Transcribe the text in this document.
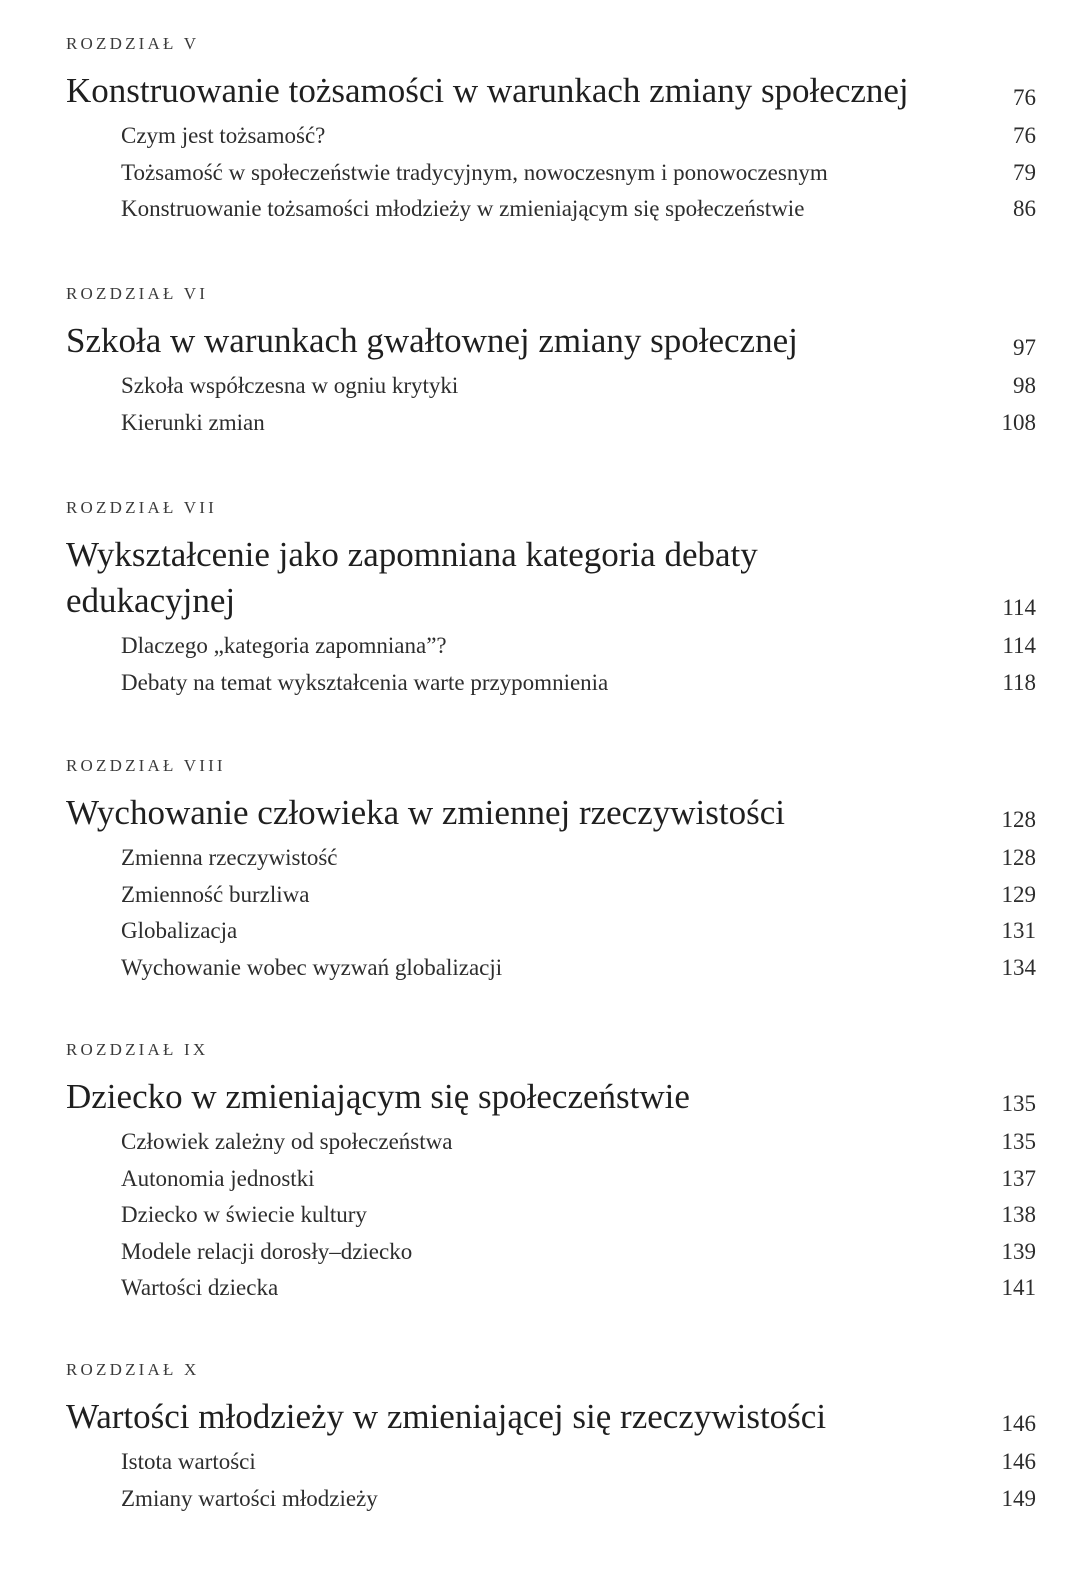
ROZDZIAŁ V
Konstruowanie tożsamości w warunkach zmiany społecznej	76
Czym jest tożsamość?	76
Tożsamość w społeczeństwie tradycyjnym, nowoczesnym i ponowoczesnym	79
Konstruowanie tożsamości młodzieży w zmieniającym się społeczeństwie	86
ROZDZIAŁ VI
Szkoła w warunkach gwałtownej zmiany społecznej	97
Szkoła współczesna w ogniu krytyki	98
Kierunki zmian	108
ROZDZIAŁ VII
Wykształcenie jako zapomniana kategoria debaty edukacyjnej	114
Dlaczego „kategoria zapomniana”?	114
Debaty na temat wykształcenia warte przypomnienia	118
ROZDZIAŁ VIII
Wychowanie człowieka w zmiennej rzeczywistości	128
Zmienna rzeczywistość	128
Zmienność burzliwa	129
Globalizacja	131
Wychowanie wobec wyzwań globalizacji	134
ROZDZIAŁ IX
Dziecko w zmieniającym się społeczeństwie	135
Człowiek zależny od społeczeństwa	135
Autonomia jednostki	137
Dziecko w świecie kultury	138
Modele relacji dorosły–dziecko	139
Wartości dziecka	141
ROZDZIAŁ X
Wartości młodzieży w zmieniającej się rzeczywistości	146
Istota wartości	146
Zmiany wartości młodzieży	149
